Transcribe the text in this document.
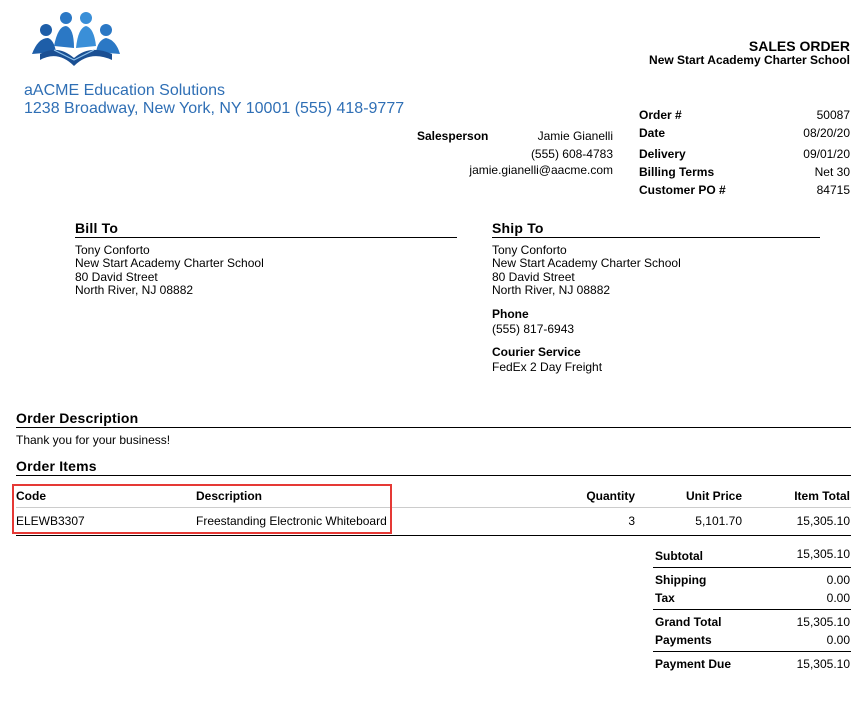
aACME Education Solutions
1238 Broadway, New York, NY 10001 (555) 418-9777
SALES ORDER
New Start Academy Charter School
Salesperson	Jamie Gianelli
(555) 608-4783
jamie.gianelli@aacme.com
Order #	50087
Date	08/20/20
Delivery	09/01/20
Billing Terms	Net 30
Customer PO #	84715
Bill To
Tony Conforto
New Start Academy Charter School
80 David Street
North River, NJ 08882
Ship To
Tony Conforto
New Start Academy Charter School
80 David Street
North River, NJ 08882
Phone
(555) 817-6943
Courier Service
FedEx 2 Day Freight
Order Description
Thank you for your business!
Order Items
Code	Description	Quantity	Unit Price	Item Total
ELEWB3307	Freestanding Electronic Whiteboard	3	5,101.70	15,305.10
Subtotal	15,305.10
Shipping	0.00
Tax	0.00
Grand Total	15,305.10
Payments	0.00
Payment Due	15,305.10
